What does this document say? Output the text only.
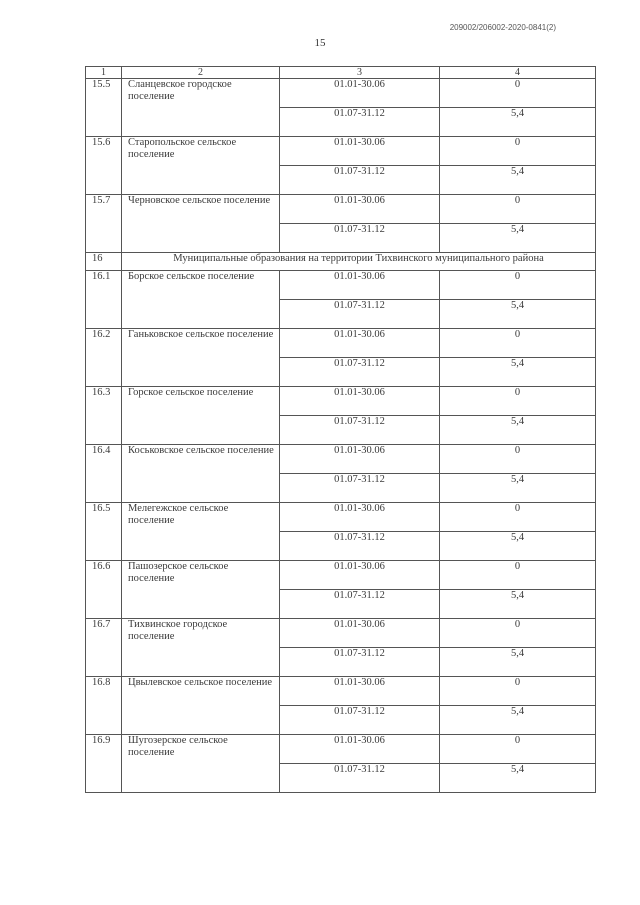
209002/206002-2020-0841(2)
15
1	2	3	4
15.5	Сланцевское городское поселение	01.01-30.06	0
		01.07-31.12	5,4
15.6	Старопольское сельское поселение	01.01-30.06	0
		01.07-31.12	5,4
15.7	Черновское сельское поселение	01.01-30.06	0
		01.07-31.12	5,4
16	Муниципальные образования на территории Тихвинского муниципального района		
16.1	Борское сельское поселение	01.01-30.06	0
		01.07-31.12	5,4
16.2	Ганьковское сельское поселение	01.01-30.06	0
		01.07-31.12	5,4
16.3	Горское сельское поселение	01.01-30.06	0
		01.07-31.12	5,4
16.4	Коськовское сельское поселение	01.01-30.06	0
		01.07-31.12	5,4
16.5	Мелегежское сельское поселение	01.01-30.06	0
		01.07-31.12	5,4
16.6	Пашозерское сельское поселение	01.01-30.06	0
		01.07-31.12	5,4
16.7	Тихвинское городское поселение	01.01-30.06	0
		01.07-31.12	5,4
16.8	Цвылевское сельское поселение	01.01-30.06	0
		01.07-31.12	5,4
16.9	Шугозерское сельское поселение	01.01-30.06	0
		01.07-31.12	5,4
